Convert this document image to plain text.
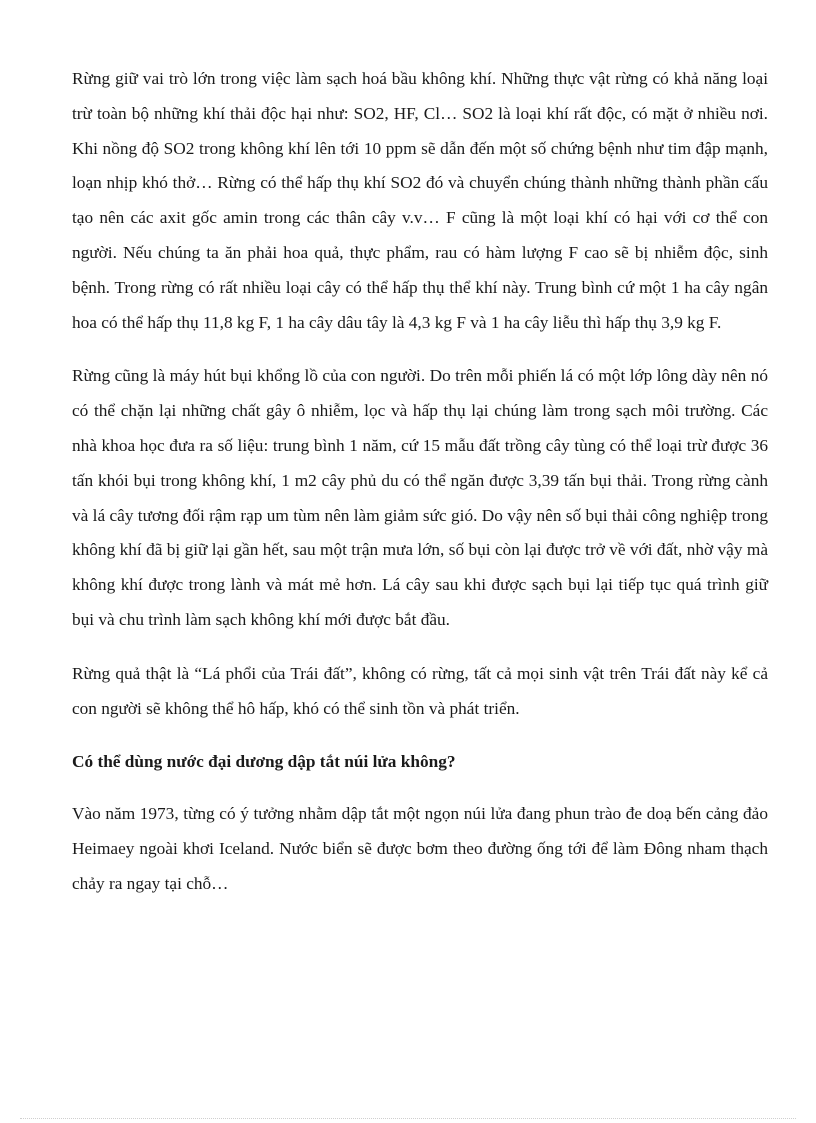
Rừng giữ vai trò lớn trong việc làm sạch hoá bầu không khí. Những thực vật rừng có khả năng loại trừ toàn bộ những khí thải độc hại như: SO2, HF, Cl… SO2 là loại khí rất độc, có mặt ở nhiều nơi. Khi nồng độ SO2 trong không khí lên tới 10 ppm sẽ dẫn đến một số chứng bệnh như tim đập mạnh, loạn nhịp khó thở… Rừng có thể hấp thụ khí SO2 đó và chuyển chúng thành những thành phần cấu tạo nên các axit gốc amin trong các thân cây v.v… F cũng là một loại khí có hại với cơ thể con người. Nếu chúng ta ăn phải hoa quả, thực phẩm, rau có hàm lượng F cao sẽ bị nhiễm độc, sinh bệnh. Trong rừng có rất nhiều loại cây có thể hấp thụ thể khí này. Trung bình cứ một 1 ha cây ngân hoa có thể hấp thụ 11,8 kg F, 1 ha cây dâu tây là 4,3 kg F và 1 ha cây liễu thì hấp thụ 3,9 kg F.

Rừng cũng là máy hút bụi khổng lồ của con người. Do trên mỗi phiến lá có một lớp lông dày nên nó có thể chặn lại những chất gây ô nhiễm, lọc và hấp thụ lại chúng làm trong sạch môi trường. Các nhà khoa học đưa ra số liệu: trung bình 1 năm, cứ 15 mẫu đất trồng cây tùng có thể loại trừ được 36 tấn khói bụi trong không khí, 1 m2 cây phủ du có thể ngăn được 3,39 tấn bụi thải. Trong rừng cành và lá cây tương đối rậm rạp um tùm nên làm giảm sức gió. Do vậy nên số bụi thải công nghiệp trong không khí đã bị giữ lại gần hết, sau một trận mưa lớn, số bụi còn lại được trở về với đất, nhờ vậy mà không khí được trong lành và mát mẻ hơn. Lá cây sau khi được sạch bụi lại tiếp tục quá trình giữ bụi và chu trình làm sạch không khí mới được bắt đầu.

Rừng quả thật là “Lá phổi của Trái đất”, không có rừng, tất cả mọi sinh vật trên Trái đất này kể cả con người sẽ không thể hô hấp, khó có thể sinh tồn và phát triển.

Có thể dùng nước đại dương dập tắt núi lửa không?

Vào năm 1973, từng có ý tưởng nhằm dập tắt một ngọn núi lửa đang phun trào đe doạ bến cảng đảo Heimaey ngoài khơi Iceland. Nước biển sẽ được bơm theo đường ống tới để làm Đông nham thạch chảy ra ngay tại chỗ…
